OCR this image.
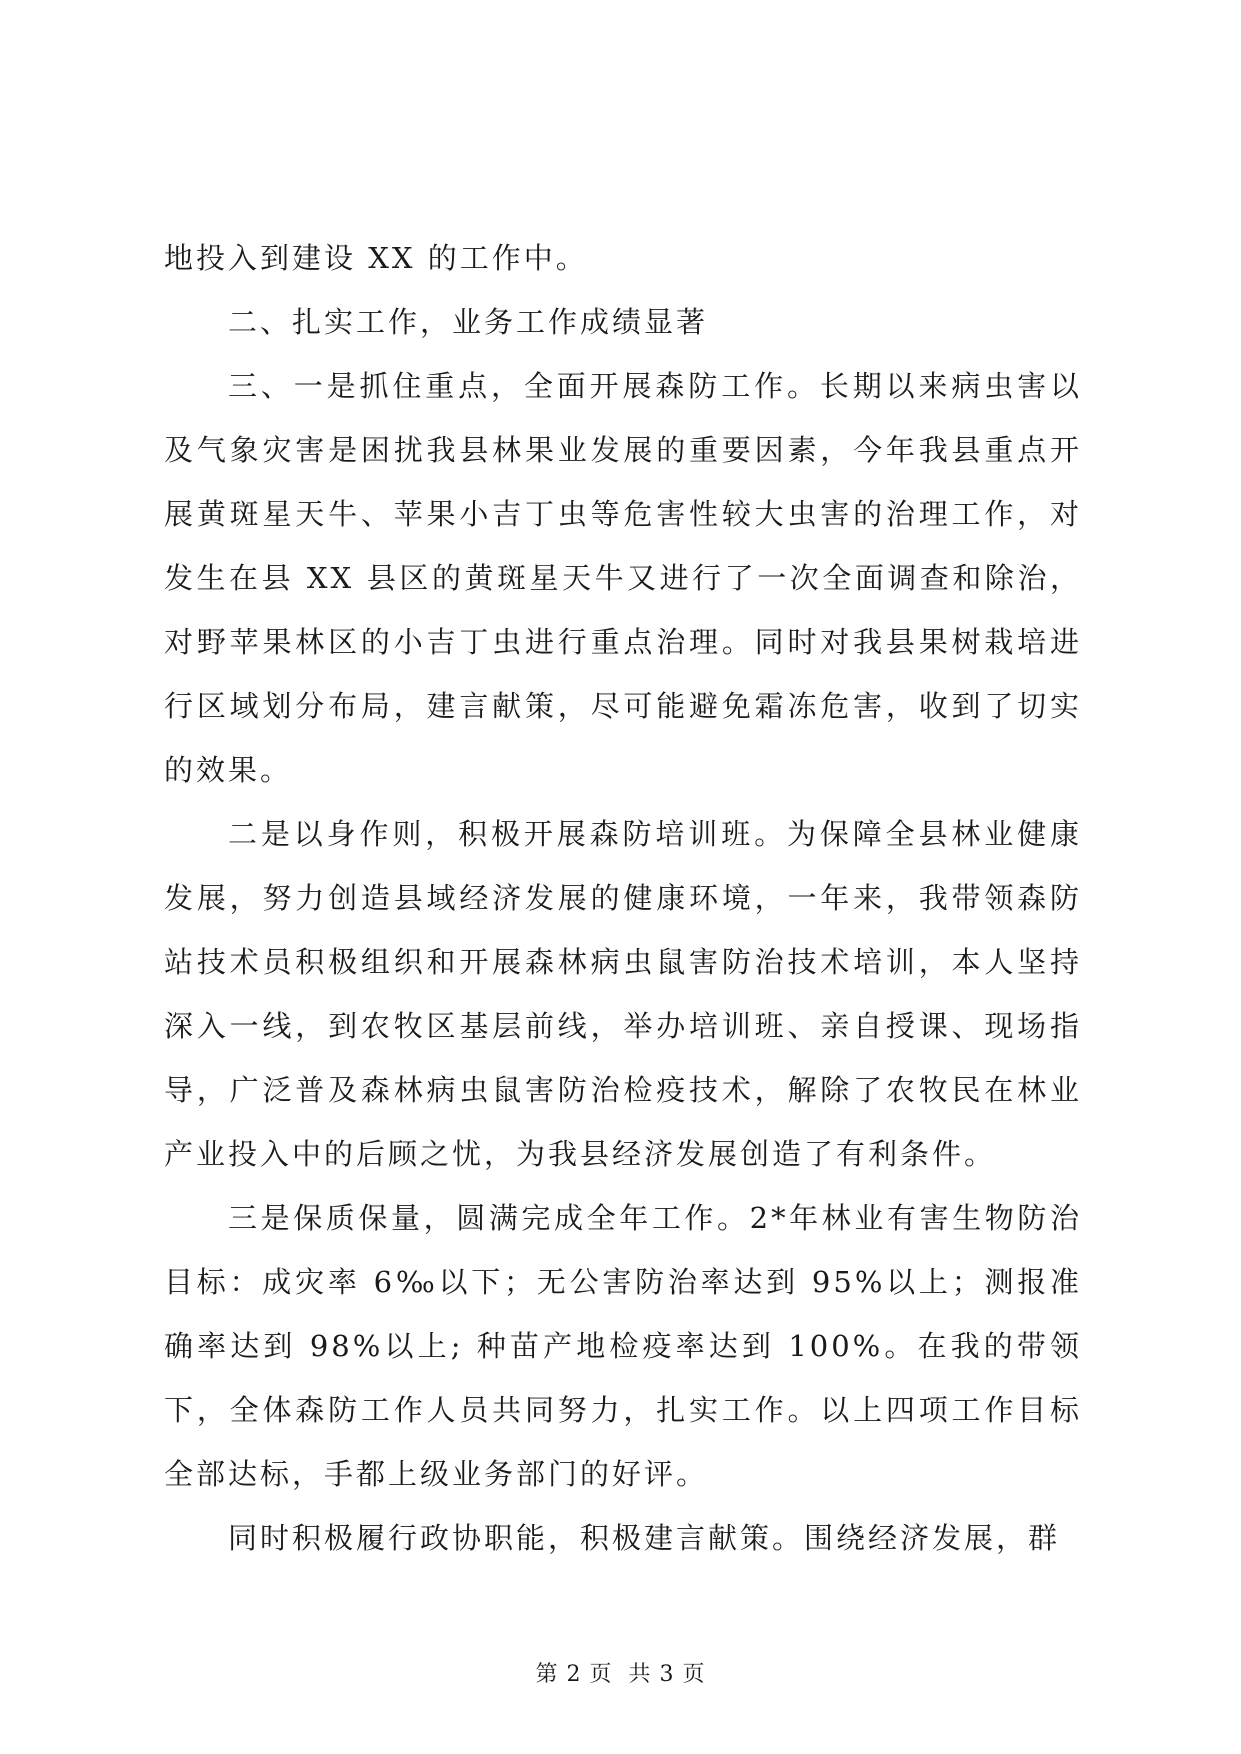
地投入到建设 XX 的工作中。

二、扎实工作，业务工作成绩显著

三、一是抓住重点，全面开展森防工作。长期以来病虫害以及气象灾害是困扰我县林果业发展的重要因素，今年我县重点开展黄斑星天牛、苹果小吉丁虫等危害性较大虫害的治理工作，对发生在县 XX 县区的黄斑星天牛又进行了一次全面调查和除治，对野苹果林区的小吉丁虫进行重点治理。同时对我县果树栽培进行区域划分布局，建言献策，尽可能避免霜冻危害，收到了切实的效果。

二是以身作则，积极开展森防培训班。为保障全县林业健康发展，努力创造县域经济发展的健康环境，一年来，我带领森防站技术员积极组织和开展森林病虫鼠害防治技术培训，本人坚持深入一线，到农牧区基层前线，举办培训班、亲自授课、现场指导，广泛普及森林病虫鼠害防治检疫技术，解除了农牧民在林业产业投入中的后顾之忧，为我县经济发展创造了有利条件。

三是保质保量，圆满完成全年工作。2*年林业有害生物防治目标：成灾率 6‰以下；无公害防治率达到 95%以上；测报准确率达到 98%以上; 种苗产地检疫率达到 100%。在我的带领下，全体森防工作人员共同努力，扎实工作。以上四项工作目标全部达标，手都上级业务部门的好评。

同时积极履行政协职能，积极建言献策。围绕经济发展，群

第 2 页  共 3 页
